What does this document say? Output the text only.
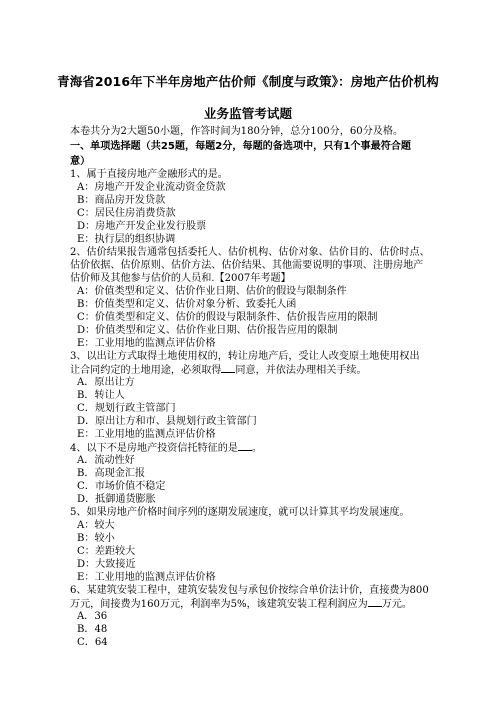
青海省2016年下半年房地产估价师《制度与政策》：房地产估价机构
业务监管考试题
本卷共分为2大题50小题，作答时间为180分钟，总分100分，60分及格。
一、单项选择题（共25题，每题2分，每题的备选项中，只有1个事最符合题
意）
1、属于直接房地产金融形式的是。
A：房地产开发企业流动资金贷款
B：商品房开发贷款
C：居民住房消费贷款
D：房地产开发企业发行股票
E：执行层的组织协调
2、估价结果报告通常包括委托人、估价机构、估价对象、估价目的、估价时点、
估价依据、估价原则、估价方法、估价结果、其他需要说明的事项、注册房地产
估价师及其他参与估价的人员和.【2007年考题】
A：价值类型和定义、估价作业日期、估价的假设与限制条件
B：价值类型和定义、估价对象分析、致委托人函
C：价值类型和定义、估价的假设与限制条件、估价报告应用的限制
D：价值类型和定义、估价作业日期、估价报告应用的限制
E：工业用地的监测点评估价格
3、以出让方式取得土地使用权的，转让房地产后，受让人改变原土地使用权出
让合同约定的土地用途，必须取得 同意，并依法办理相关手续。
A．原出让方
B．转让人
C．规划行政主管部门
D．原出让方和市、县规划行政主管部门
E：工业用地的监测点评估价格
4、以下不是房地产投资信托特征的是 。
A．流动性好
B．高现金汇报
C．市场价值不稳定
D．抵御通货膨胀
5、如果房地产价格时间序列的逐期发展速度，就可以计算其平均发展速度。
A：较大
B：较小
C：差距较大
D：大致接近
E：工业用地的监测点评估价格
6、某建筑安装工程中，建筑安装发包与承包价按综合单价法计价，直接费为800
万元，间接费为160万元，利润率为5%，该建筑安装工程利润应为 万元。
A．36
B．48
C．64
